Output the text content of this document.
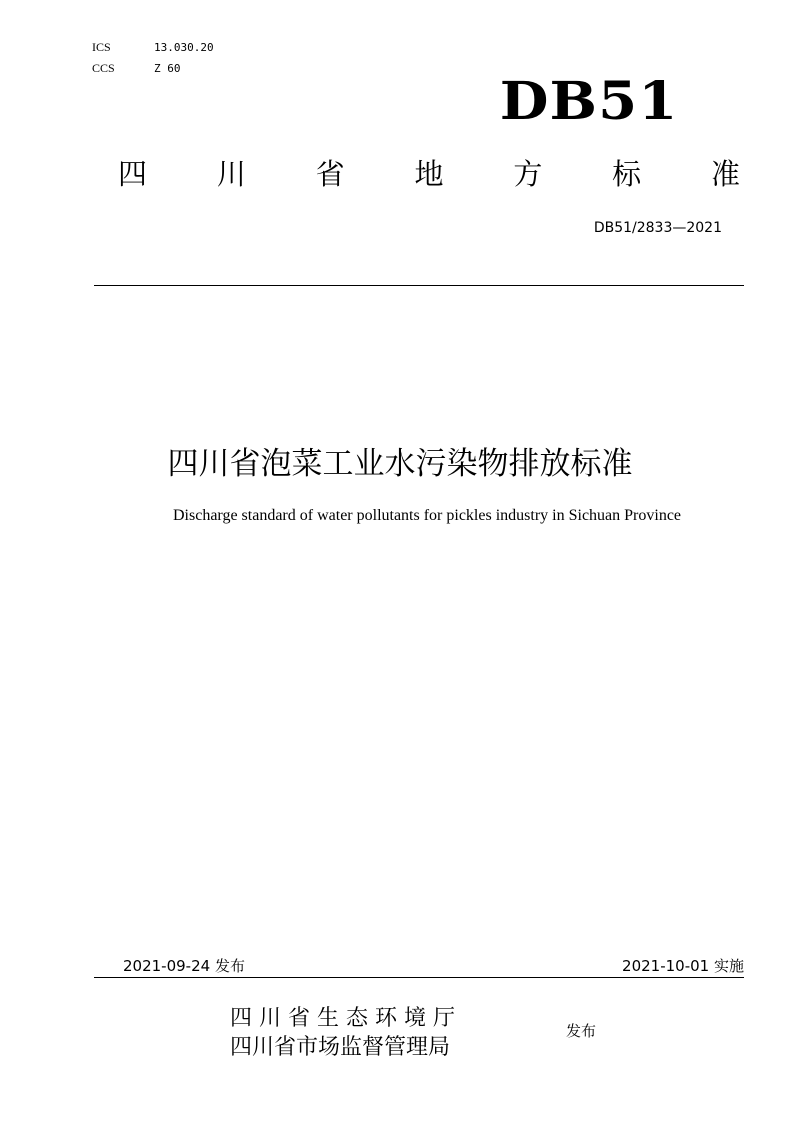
ICS	13.030.20
CCS	Z 60
DB51
四 川 省 地 方 标 准
DB51/2833—2021
四川省泡菜工业水污染物排放标准
Discharge standard of water pollutants for pickles industry in Sichuan Province
2021-09-24 发布	2021-10-01 实施
四 川 省 生 态 环 境 厅
四川省市场监督管理局
发布
